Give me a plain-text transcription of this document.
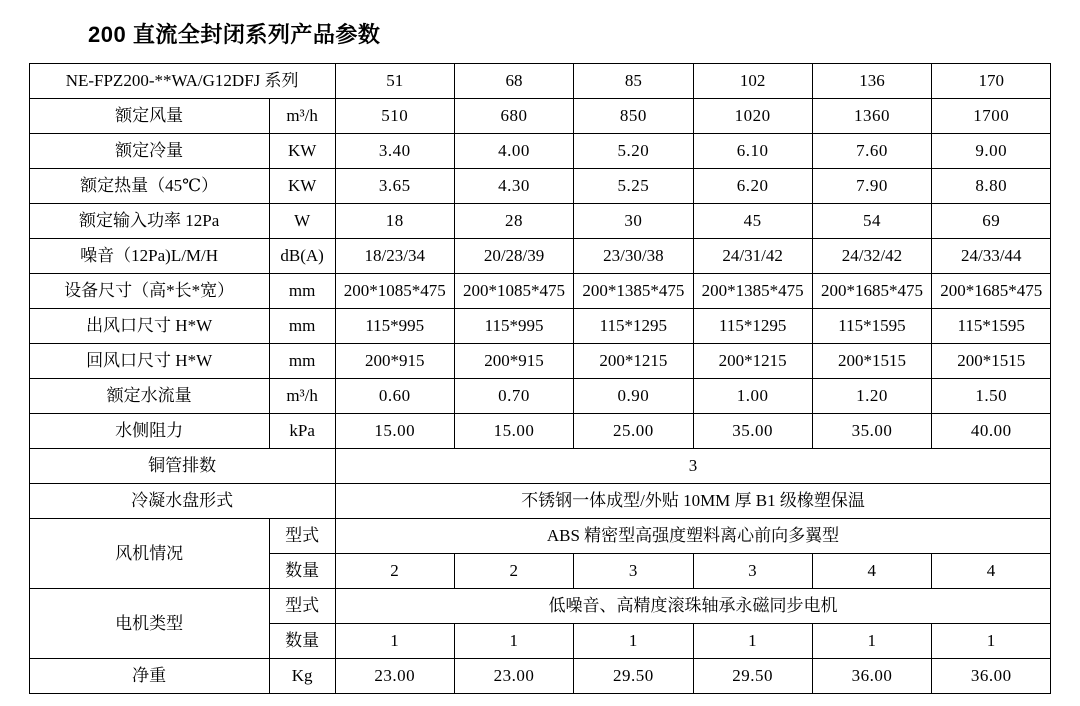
200 直流全封闭系列产品参数
NE-FPZ200-**WA/G12DFJ 系列		51	68	85	102	136	170
额定风量	m³/h	510	680	850	1020	1360	1700
额定冷量	KW	3.40	4.00	5.20	6.10	7.60	9.00
额定热量（45℃）	KW	3.65	4.30	5.25	6.20	7.90	8.80
额定输入功率 12Pa	W	18	28	30	45	54	69
噪音（12Pa)L/M/H	dB(A)	18/23/34	20/28/39	23/30/38	24/31/42	24/32/42	24/33/44
设备尺寸（高*长*宽）	mm	200*1085*475	200*1085*475	200*1385*475	200*1385*475	200*1685*475	200*1685*475
出风口尺寸 H*W	mm	115*995	115*995	115*1295	115*1295	115*1595	115*1595
回风口尺寸 H*W	mm	200*915	200*915	200*1215	200*1215	200*1515	200*1515
额定水流量	m³/h	0.60	0.70	0.90	1.00	1.20	1.50
水侧阻力	kPa	15.00	15.00	25.00	35.00	35.00	40.00
铜管排数		3					
冷凝水盘形式		不锈钢一体成型/外贴 10MM 厚 B1 级橡塑保温					
风机情况	型式	ABS 精密型高强度塑料离心前向多翼型					
	数量	2	2	3	3	4	4
电机类型	型式	低噪音、高精度滚珠轴承永磁同步电机					
	数量	1	1	1	1	1	1
净重	Kg	23.00	23.00	29.50	29.50	36.00	36.00
